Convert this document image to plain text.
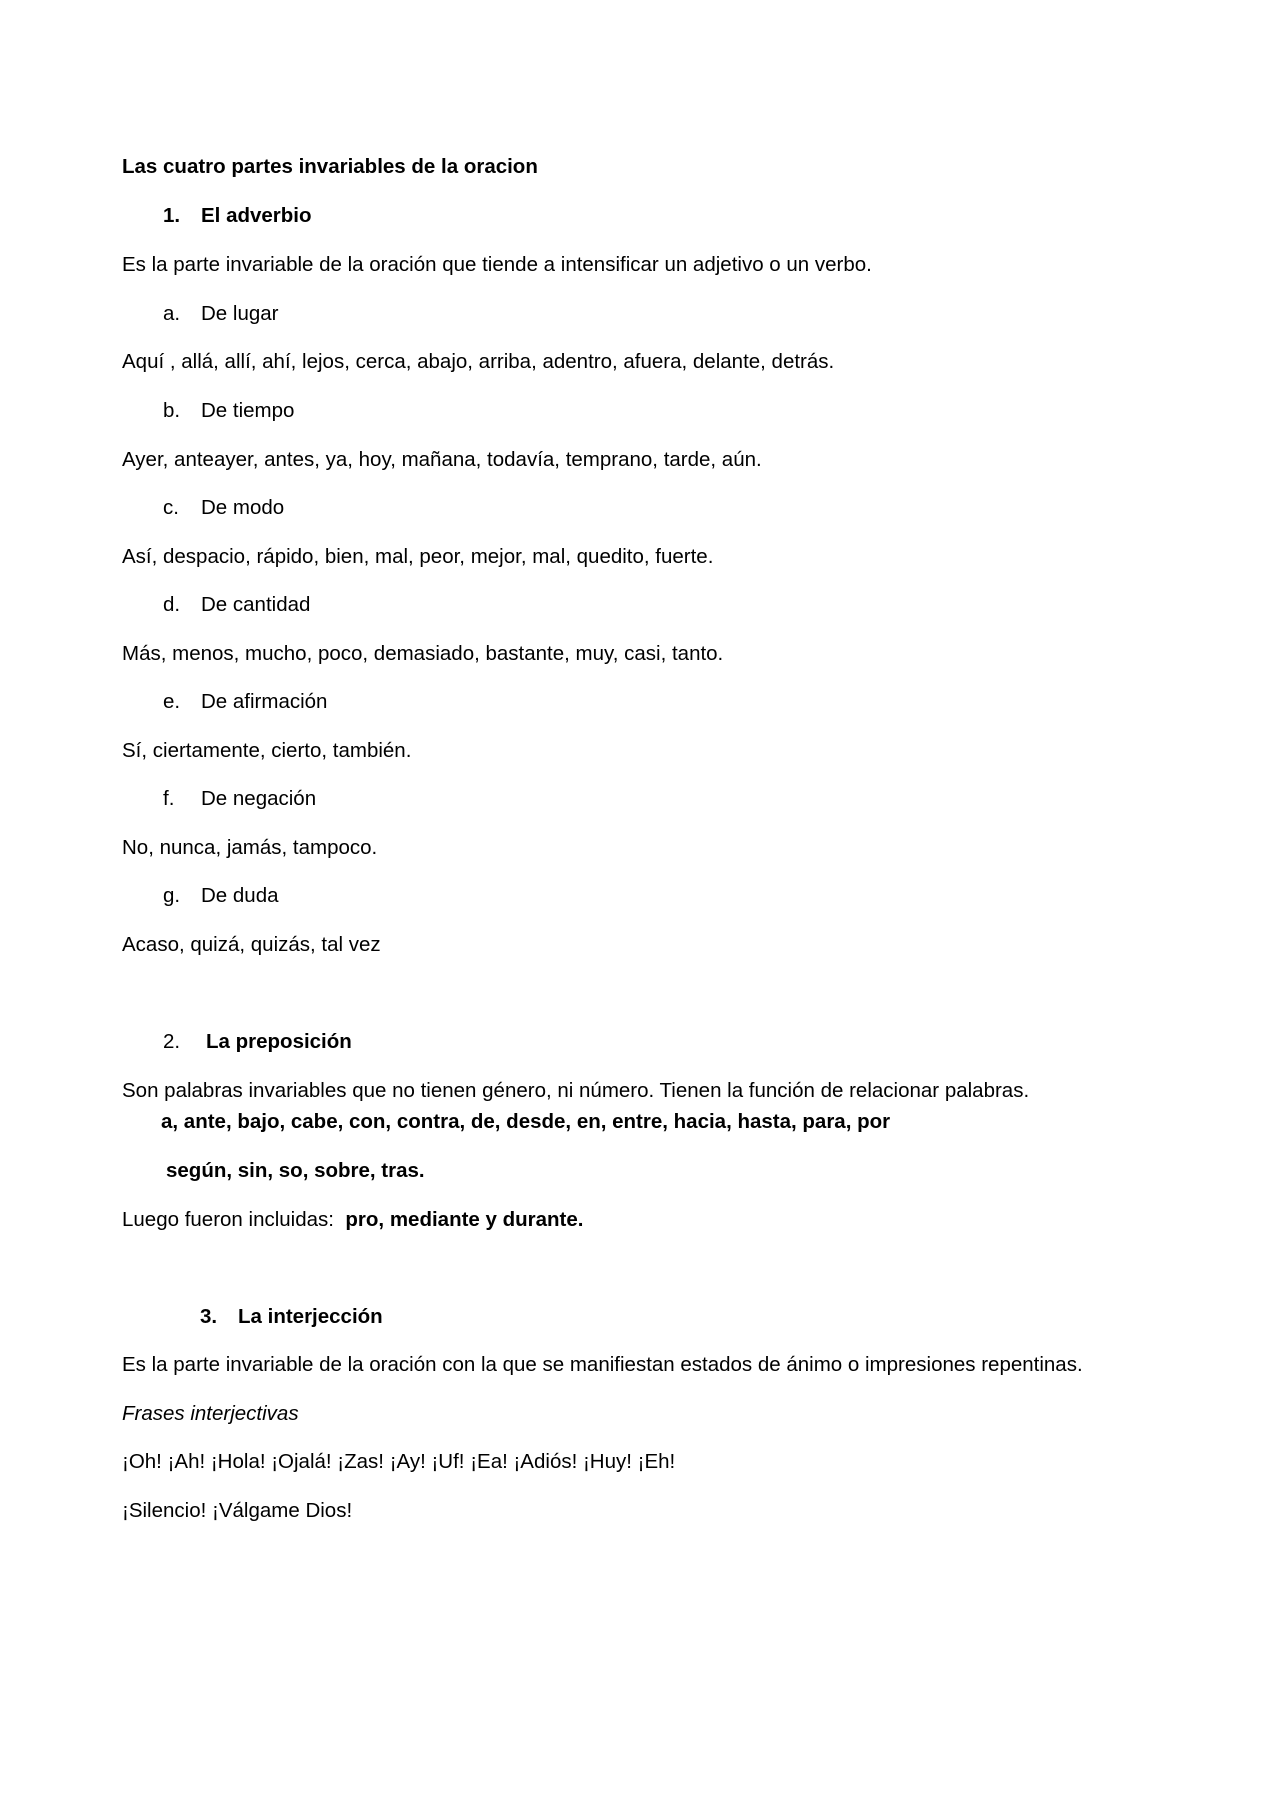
Las cuatro partes invariables de la oracion
1. El adverbio
Es la parte invariable de la oración que tiende a intensificar un adjetivo o un verbo.
a. De lugar
Aquí , allá, allí, ahí, lejos, cerca, abajo, arriba, adentro, afuera, delante, detrás.
b. De tiempo
Ayer, anteayer, antes, ya, hoy, mañana, todavía, temprano, tarde, aún.
c. De modo
Así, despacio, rápido, bien, mal, peor, mejor, mal, quedito, fuerte.
d. De cantidad
Más, menos, mucho, poco, demasiado, bastante, muy, casi, tanto.
e. De afirmación
Sí, ciertamente, cierto, también.
f. De negación
No, nunca, jamás, tampoco.
g. De duda
Acaso, quizá, quizás, tal vez
2. La preposición
Son palabras invariables que no tienen género, ni número. Tienen la función de relacionar palabras.
a, ante, bajo, cabe, con, contra, de, desde, en, entre, hacia, hasta, para, por
según, sin, so, sobre, tras.
Luego fueron incluidas: pro, mediante y durante.
3. La interjección
Es la parte invariable de la oración con la que se manifiestan estados de ánimo o impresiones repentinas.
Frases interjectivas
¡Oh! ¡Ah! ¡Hola! ¡Ojalá! ¡Zas! ¡Ay! ¡Uf! ¡Ea! ¡Adiós! ¡Huy! ¡Eh!
¡Silencio! ¡Válgame Dios!
